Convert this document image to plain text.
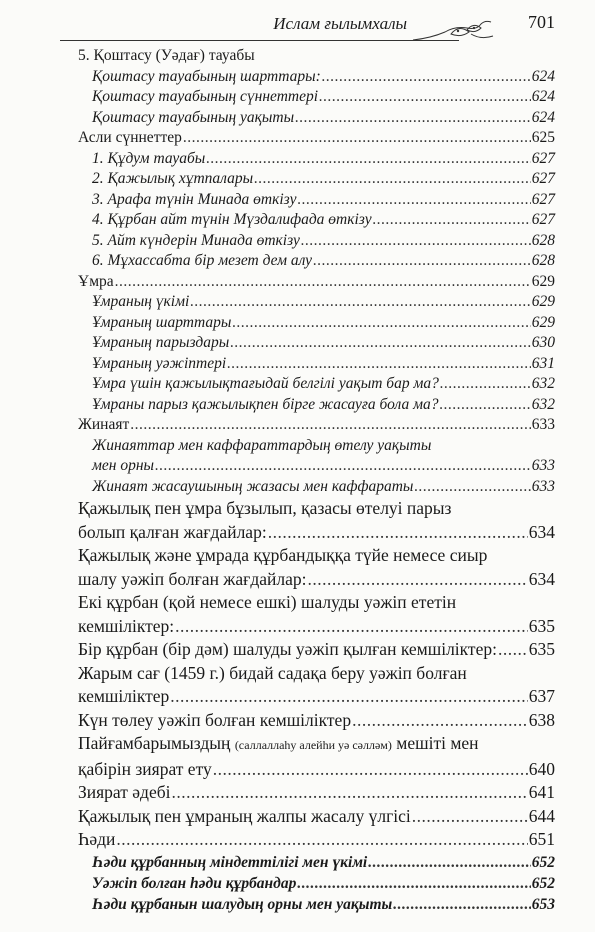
Ислам ғылымхалы	701
5. Қоштасу (Уәдағ) тауабы
Қоштасу тауабының шарттары: .....	624
Қоштасу тауабының сүннеттері .....	624
Қоштасу тауабының уақыты .....	624
Асли сүннеттер .....	625
1. Құдум тауабы .....	627
2. Қажылық хұтпалары .....	627
3. Арафа түнін Минада өткізу .....	627
4. Құрбан айт түнін Мүздалифада өткізу .....	627
5. Айт күндерін Минада өткізу .....	628
6. Мұхассабта бір мезет дем алу .....	628
Ұмра .....	629
Ұмраның үкімі .....	629
Ұмраның шарттары .....	629
Ұмраның парыздары .....	630
Ұмраның уәжіптері .....	631
Ұмра үшін қажылықтағыдай белгілі уақыт бар ма? .....	632
Ұмраны парыз қажылықпен бірге жасауға бола ма? .....	632
Жинаят .....	633
Жинаяттар мен каффараттардың өтелу уақыты
мен орны .....	633
Жинаят жасаушының жазасы мен каффараты .....	633
Қажылық пен ұмра бұзылып, қазасы өтелуі парыз
болып қалған жағдайлар: .....	634
Қажылық және ұмрада құрбандыққа түйе немесе сиыр
шалу уәжіп болған жағдайлар: .....	634
Екі құрбан (қой немесе ешкі) шалуды уәжіп ететін
кемшіліктер: .....	635
Бір құрбан (бір дәм) шалуды уәжіп қылған кемшіліктер: ..... 635
Жарым сағ (1459 г.) бидай садақа беру уәжіп болған
кемшіліктер .....	637
Күн төлеу уәжіп болған кемшіліктер .....	638
Пайғамбарымыздың (саллаллаһу алейһи уә сәллəм) мешіті мен
қабірін зиярат ету .....	640
Зиярат әдебі .....	641
Қажылық пен ұмраның жалпы жасалу үлгісі .....	644
Һәди .....	651
Һәди құрбанның міндеттілігі мен үкімі .....	652
Уәжіп болған һәди құрбандар .....	652
Һәди құрбанын шалудың орны мен уақыты .....	653
